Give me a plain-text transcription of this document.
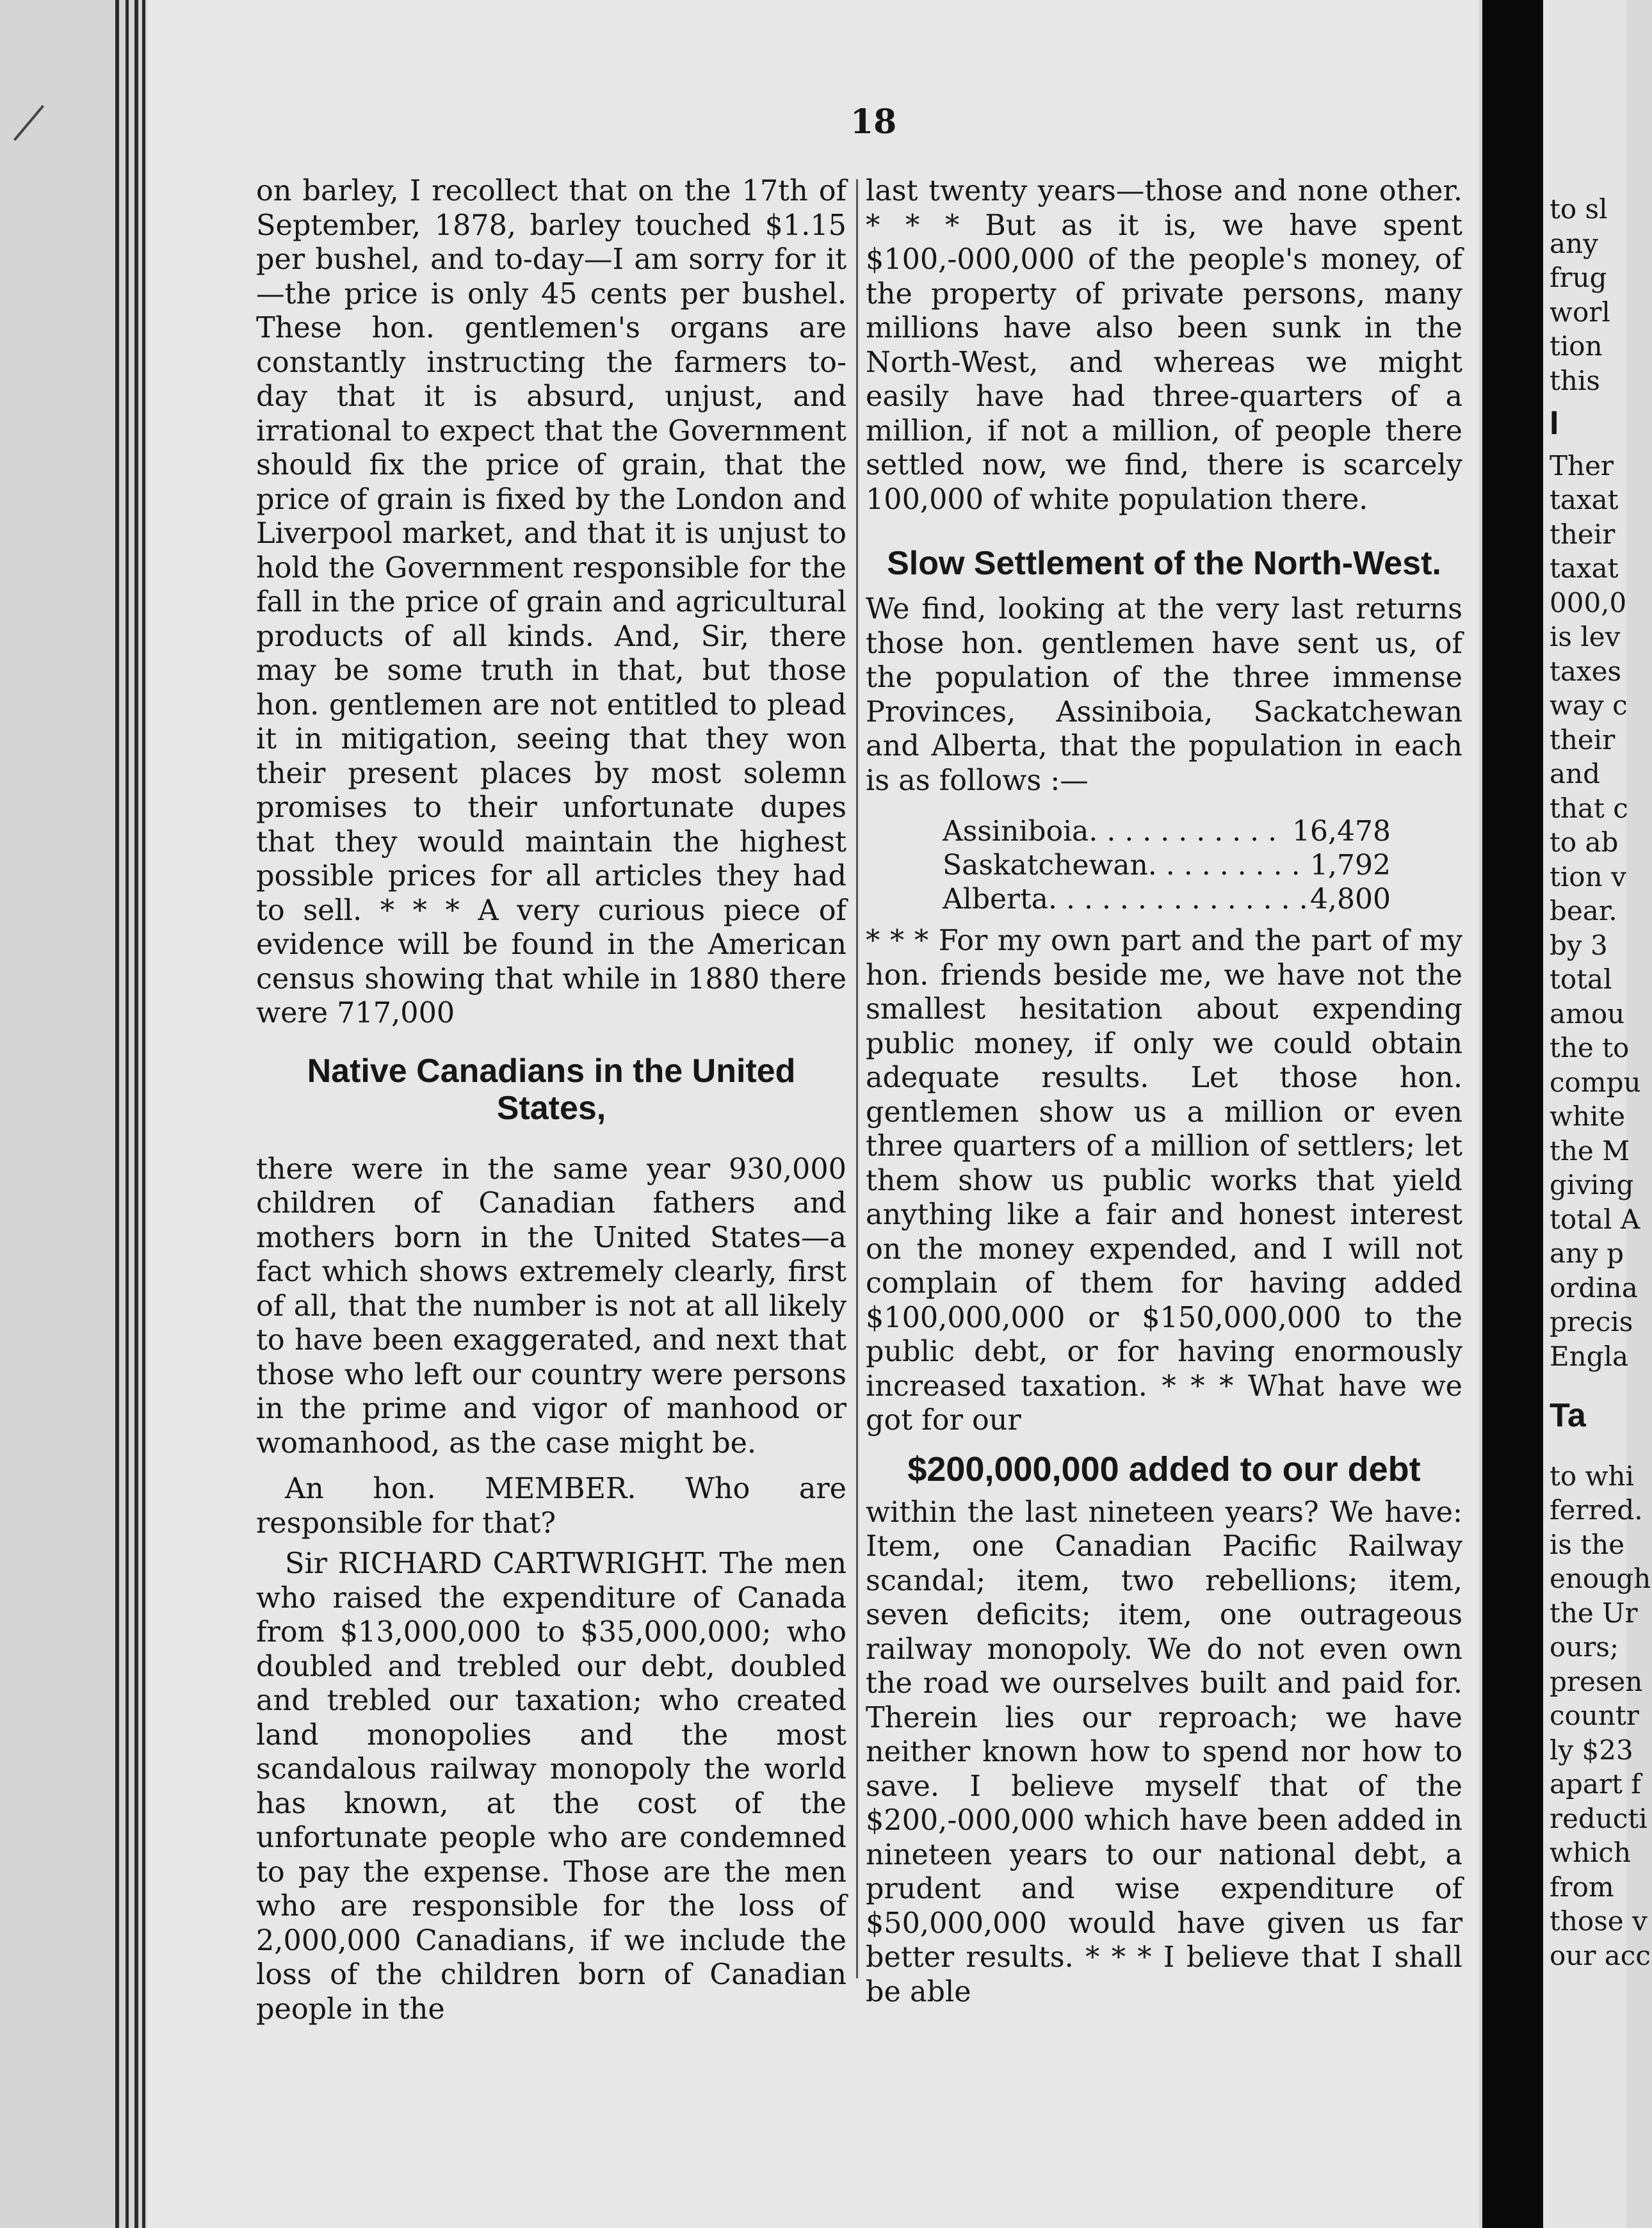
18

on barley, I recollect that on the 17th of September, 1878, barley touched $1.15 per bushel, and to-day—I am sorry for it —the price is only 45 cents per bushel. These hon. gentlemen's organs are constantly instructing the farmers to-day that it is absurd, unjust, and irrational to expect that the Government should fix the price of grain, that the price of grain is fixed by the London and Liverpool market, and that it is unjust to hold the Government responsible for the fall in the price of grain and agricultural products of all kinds. And, Sir, there may be some truth in that, but those hon. gentlemen are not entitled to plead it in mitigation, seeing that they won their present places by most solemn promises to their unfortunate dupes that they would maintain the highest possible prices for all articles they had to sell. * * * A very curious piece of evidence will be found in the American census showing that while in 1880 there were 717,000

Native Canadians in the United States,

there were in the same year 930,000 children of Canadian fathers and mothers born in the United States—a fact which shows extremely clearly, first of all, that the number is not at all likely to have been exaggerated, and next that those who left our country were persons in the prime and vigor of manhood or womanhood, as the case might be.

An hon. MEMBER. Who are responsible for that?

Sir RICHARD CARTWRIGHT. The men who raised the expenditure of Canada from $13,000,000 to $35,000,000; who doubled and trebled our debt, doubled and trebled our taxation; who created land monopolies and the most scandalous railway monopoly the world has known, at the cost of the unfortunate people who are condemned to pay the expense. Those are the men who are responsible for the loss of 2,000,000 Canadians, if we include the loss of the children born of Canadian people in the

last twenty years—those and none other. * * * But as it is, we have spent $100,-000,000 of the people's money, of the property of private persons, many millions have also been sunk in the North-West, and whereas we might easily have had three-quarters of a million, if not a million, of people there settled now, we find, there is scarcely 100,000 of white population there.

Slow Settlement of the North-West.

We find, looking at the very last returns those hon. gentlemen have sent us, of the population of the three immense Provinces, Assiniboia, Sackatchewan and Alberta, that the population in each is as follows :—

Assiniboia. . . . . . . . . . . 16,478
Saskatchewan. . . . . . . . . 1,792
Alberta. . . . . . . . . . . . . . . 4,800

* * * For my own part and the part of my hon. friends beside me, we have not the smallest hesitation about expending public money, if only we could obtain adequate results. Let those hon. gentlemen show us a million or even three quarters of a million of settlers; let them show us public works that yield anything like a fair and honest interest on the money expended, and I will not complain of them for having added $100,000,000 or $150,000,000 to the public debt, or for having enormously increased taxation. * * * What have we got for our

$200,000,000 added to our debt

within the last nineteen years? We have: Item, one Canadian Pacific Railway scandal; item, two rebellions; item, seven deficits; item, one outrageous railway monopoly. We do not even own the road we ourselves built and paid for. Therein lies our reproach; we have neither known how to spend nor how to save. I believe myself that of the $200,-000,000 which have been added in nineteen years to our national debt, a prudent and wise expenditure of $50,000,000 would have given us far better results. * * * I believe that I shall be able

to sl
any
frug
worl
tion
this
I
Ther
taxat
their
taxat
000,0
is lev
taxes
way c
their
and
that c
to ab
tion v
bear.
by 3
total
amou
the to
compu
white
the M
giving
total A
any p
ordina
precis
Engla
Ta
to whi
ferred.
is the
enough
the Ur
ours;
presen
countr
ly $23
apart f
reducti
which
from
those v
our acc
